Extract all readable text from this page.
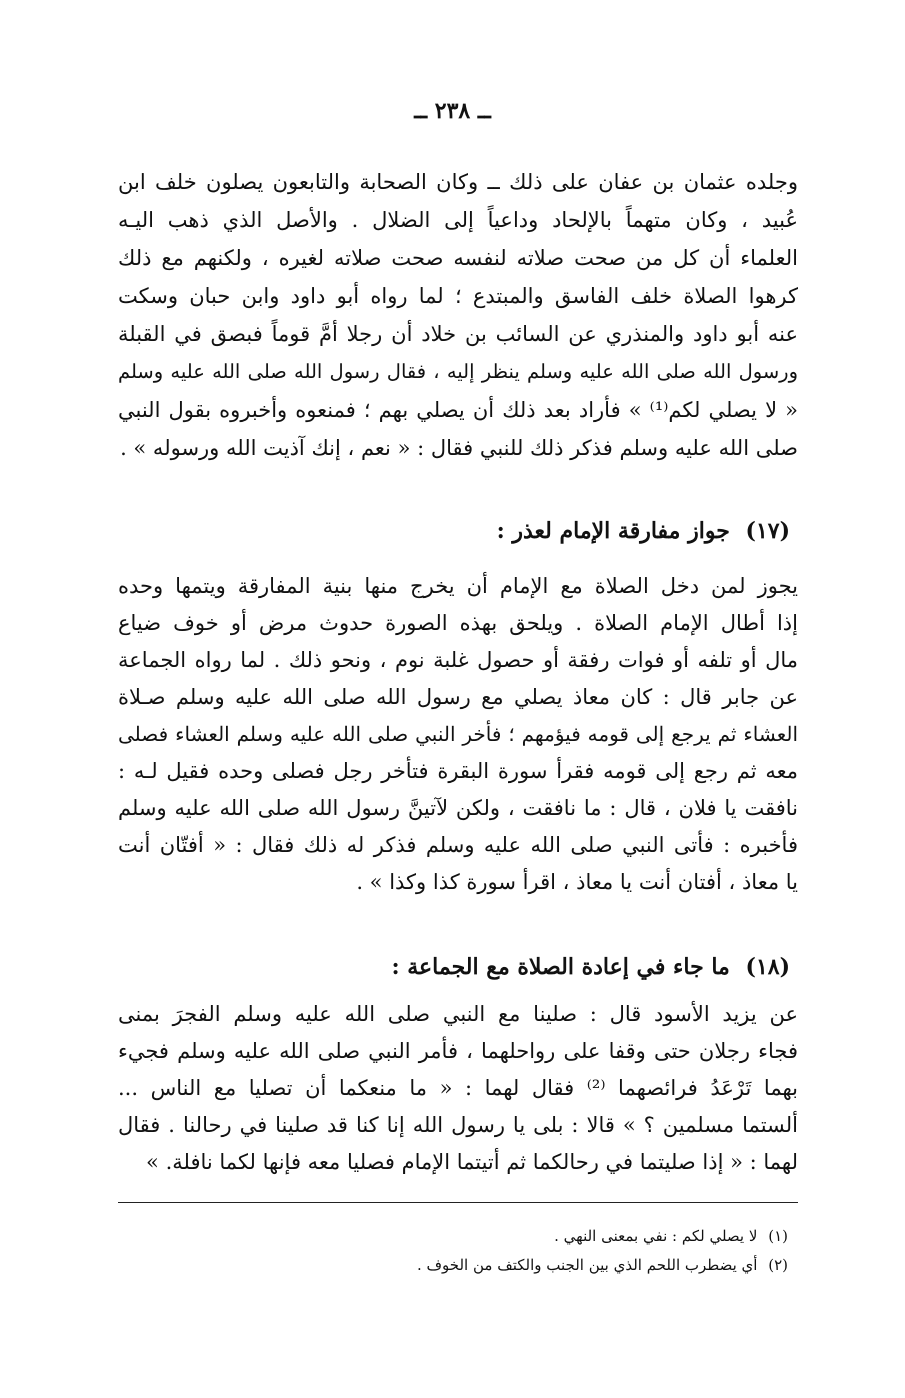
ــ ٢٣٨ ــ
وجلده عثمان بن عفان على ذلك ــ وكان الصحابة والتابعون يصلون خلف ابن
عُبيد ، وكان متهماً بالإلحاد وداعياً إلى الضلال . والأصل الذي ذهب اليـه
العلماء أن كل من صحت صلاته لنفسه صحت صلاته لغيره ، ولكنهم مع ذلك
كرهوا الصلاة خلف الفاسق والمبتدع ؛ لما رواه أبو داود وابن حبان وسكت
عنه أبو داود والمنذري عن السائب بن خلاد أن رجلا أمَّ قوماً فبصق في القبلة
ورسول الله صلى الله عليه وسلم ينظر إليه ، فقال رسول الله صلى الله عليه وسلم
« لا يصلي لكم⁽¹⁾ » فأراد بعد ذلك أن يصلي بهم ؛ فمنعوه وأخبروه بقول النبي
صلى الله عليه وسلم فذكر ذلك للنبي فقال : « نعم ، إنك آذيت الله ورسوله » .
(١٧) جواز مفارقة الإمام لعذر :
يجوز لمن دخل الصلاة مع الإمام أن يخرج منها بنية المفارقة ويتمها وحده
إذا أطال الإمام الصلاة . ويلحق بهذه الصورة حدوث مرض أو خوف ضياع
مال أو تلفه أو فوات رفقة أو حصول غلبة نوم ، ونحو ذلك . لما رواه الجماعة
عن جابر قال : كان معاذ يصلي مع رسول الله صلى الله عليه وسلم صـلاة
العشاء ثم يرجع إلى قومه فيؤمهم ؛ فأخر النبي صلى الله عليه وسلم العشاء فصلى
معه ثم رجع إلى قومه فقرأ سورة البقرة فتأخر رجل فصلى وحده فقيل لـه :
نافقت يا فلان ، قال : ما نافقت ، ولكن لآتينَّ رسول الله صلى الله عليه وسلم
فأخبره : فأتى النبي صلى الله عليه وسلم فذكر له ذلك فقال : « أفتّان أنت
يا معاذ ، أفتان أنت يا معاذ ، اقرأ سورة كذا وكذا » .
(١٨) ما جاء في إعادة الصلاة مع الجماعة :
عن يزيد الأسود قال : صلينا مع النبي صلى الله عليه وسلم الفجرَ بمنى
فجاء رجلان حتى وقفا على رواحلهما ، فأمر النبي صلى الله عليه وسلم فجيء
بهما تَرْعَدُ فرائصهما ⁽²⁾ فقال لهما : « ما منعكما أن تصليا مع الناس ...
ألستما مسلمين ؟ » قالا : بلى يا رسول الله إنا كنا قد صلينا في رحالنا . فقال
لهما : « إذا صليتما في رحالكما ثم أتيتما الإمام فصليا معه فإنها لكما نافلة. »
(١) لا يصلي لكم : نفي بمعنى النهي .
(٢) أي يضطرب اللحم الذي بين الجنب والكتف من الخوف .
